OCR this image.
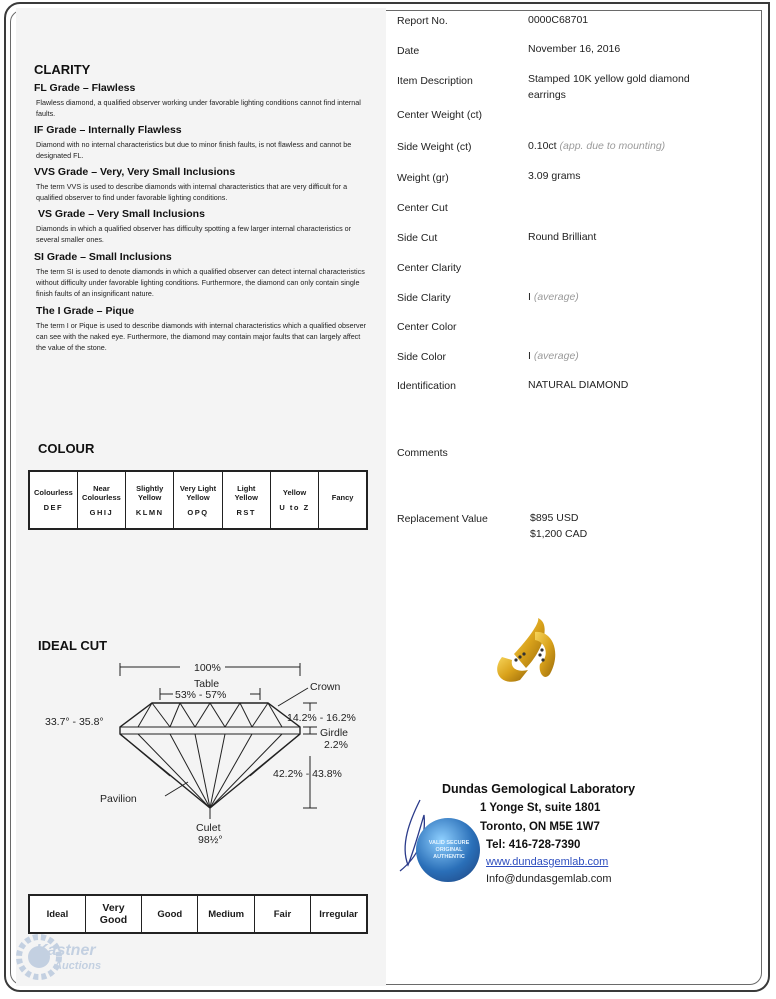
CLARITY
FL Grade – Flawless
Flawless diamond, a qualified observer working under favorable lighting conditions cannot find internal faults.
IF Grade – Internally Flawless
Diamond with no internal characteristics but due to minor finish faults, is not flawless and cannot be designated FL.
VVS Grade – Very, Very Small Inclusions
The term VVS is used to describe diamonds with internal characteristics that are very difficult for a qualified observer to find under favorable lighting conditions.
VS Grade – Very Small Inclusions
Diamonds in which a qualified observer has difficulty spotting a few larger internal characteristics or several smaller ones.
SI Grade – Small Inclusions
The term SI is used to denote diamonds in which a qualified observer can detect internal characteristics without difficulty under favorable lighting conditions. Furthermore, the diamond can only contain single finish faults of an insignificant nature.
The I Grade – Pique
The term I or Pique is used to describe diamonds with internal characteristics which a qualified observer can see with the naked eye. Furthermore, the diamond may contain major faults that can largely affect the value of the stone.
COLOUR
Colourless
DEF
	Near Colourless
GHIJ
	Slightly Yellow
KLMN
	Very Light Yellow
OPQ
	Light Yellow
RST
	Yellow
U to Z
	Fancy
IDEAL CUT
100%
Table
53% - 57%
Crown
33.7° - 35.8°	14.2% - 16.2%
Girdle
2.2%
42.2% - 43.8%
Pavilion
Culet
98½°
Ideal	Very Good	Good	Medium	Fair	Irregular
Kastner
Auctions
Report No.	0000C68701
Date	November 16, 2016
Item Description	Stamped 10K yellow gold diamond earrings
Center Weight (ct)
Side Weight (ct)	0.10ct (app. due to mounting)
Weight (gr)	3.09 grams
Center Cut
Side Cut	Round Brilliant
Center Clarity
Side Clarity	I (average)
Center Color
Side Color	I (average)
Identification	NATURAL DIAMOND
Comments
Replacement Value	$895 USD
$1,200 CAD
VALID SECURE ORIGINAL AUTHENTIC
Dundas Gemological Laboratory
1 Yonge St, suite 1801
Toronto, ON M5E 1W7
Tel: 416-728-7390
www.dundasgemlab.com
Info@dundasgemlab.com
